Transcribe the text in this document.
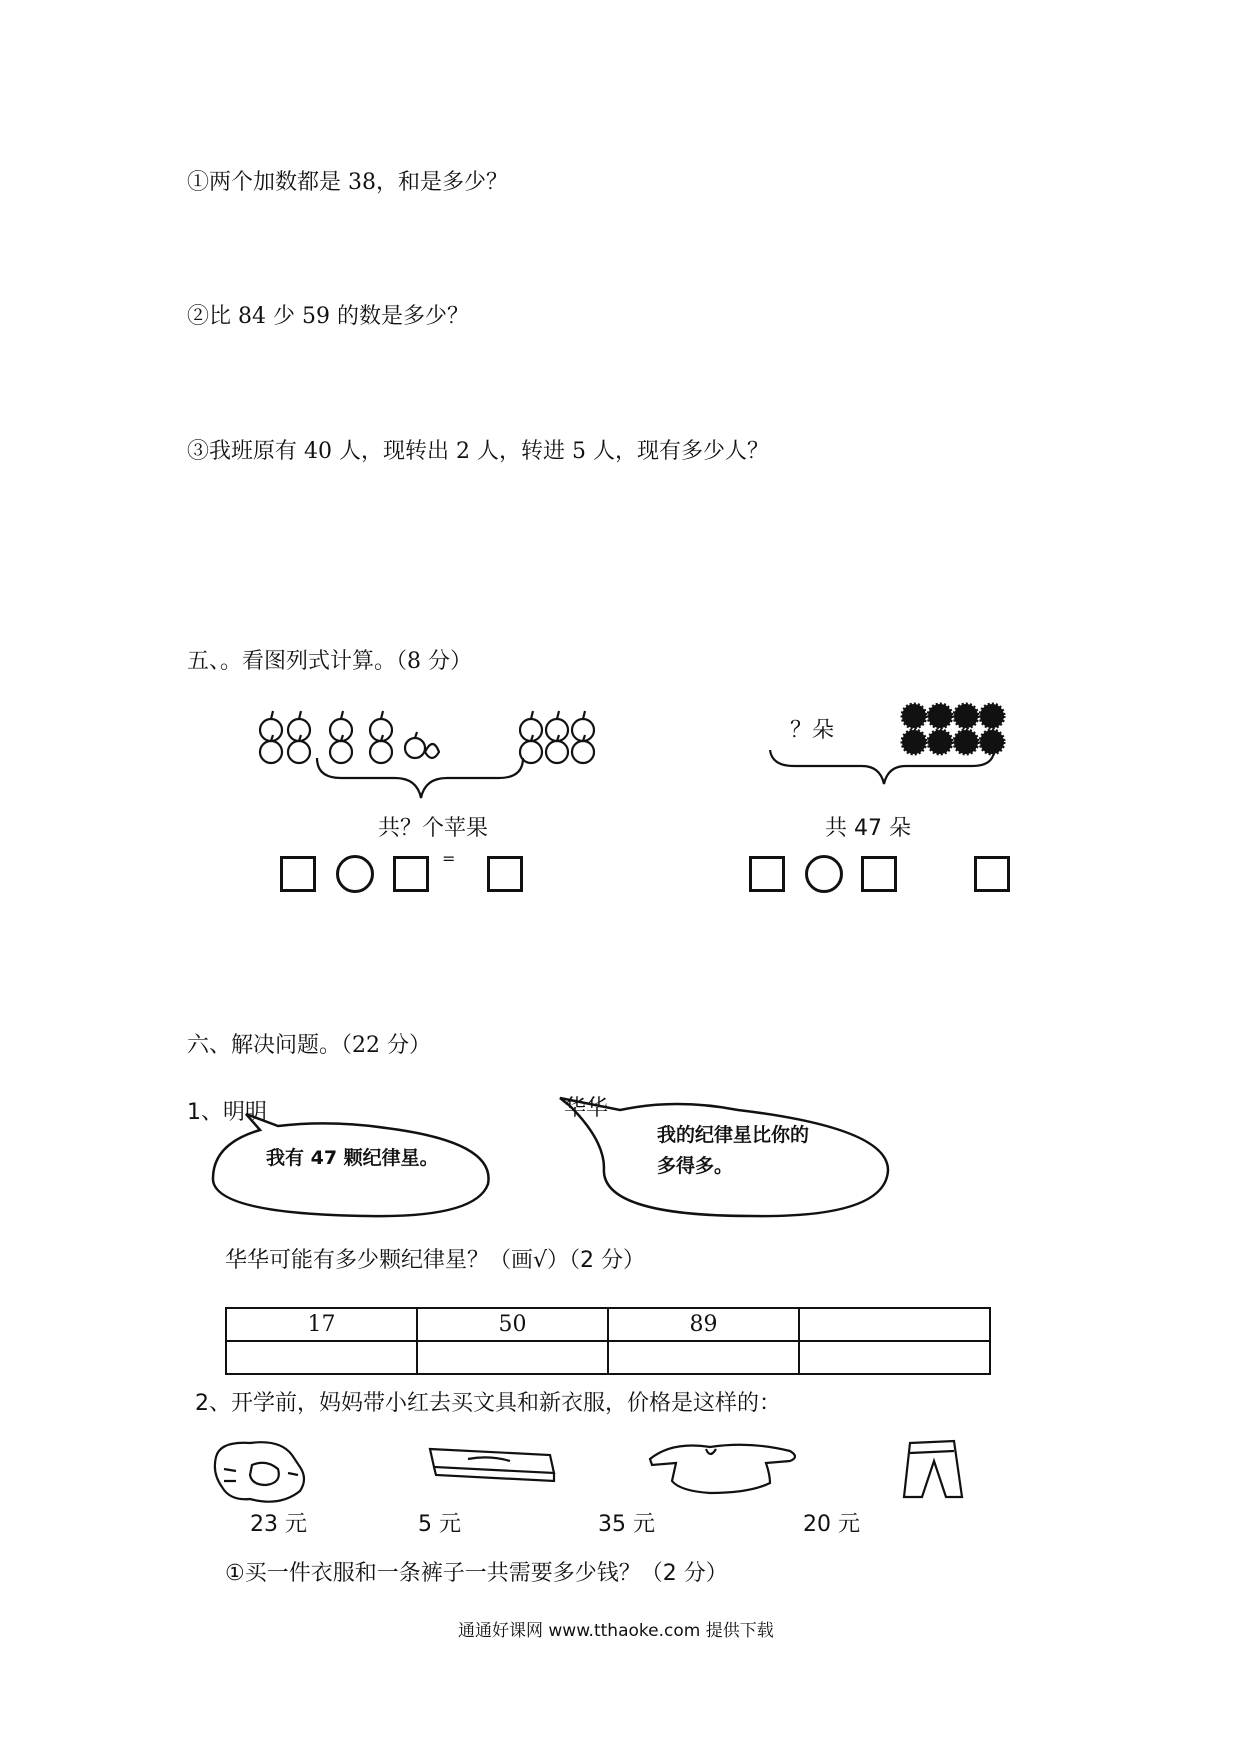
①两个加数都是 38，和是多少？
②比 84 少 59 的数是多少？
③我班原有 40 人，现转出 2 人，转进 5 人，现有多少人？
五、。看图列式计算。（8 分）
共？个苹果
=
？朵
共 47 朵
六、解决问题。（22 分）
1、明明	华华
我有 47 颗纪律星。
我的纪律星比你的
多得多。
华华可能有多少颗纪律星？（画√）（2 分）
17	50	89	

2、开学前，妈妈带小红去买文具和新衣服，价格是这样的：
23 元	5 元	35 元	20 元
①买一件衣服和一条裤子一共需要多少钱？（2 分）
通通好课网 www.tthaoke.com 提供下载
